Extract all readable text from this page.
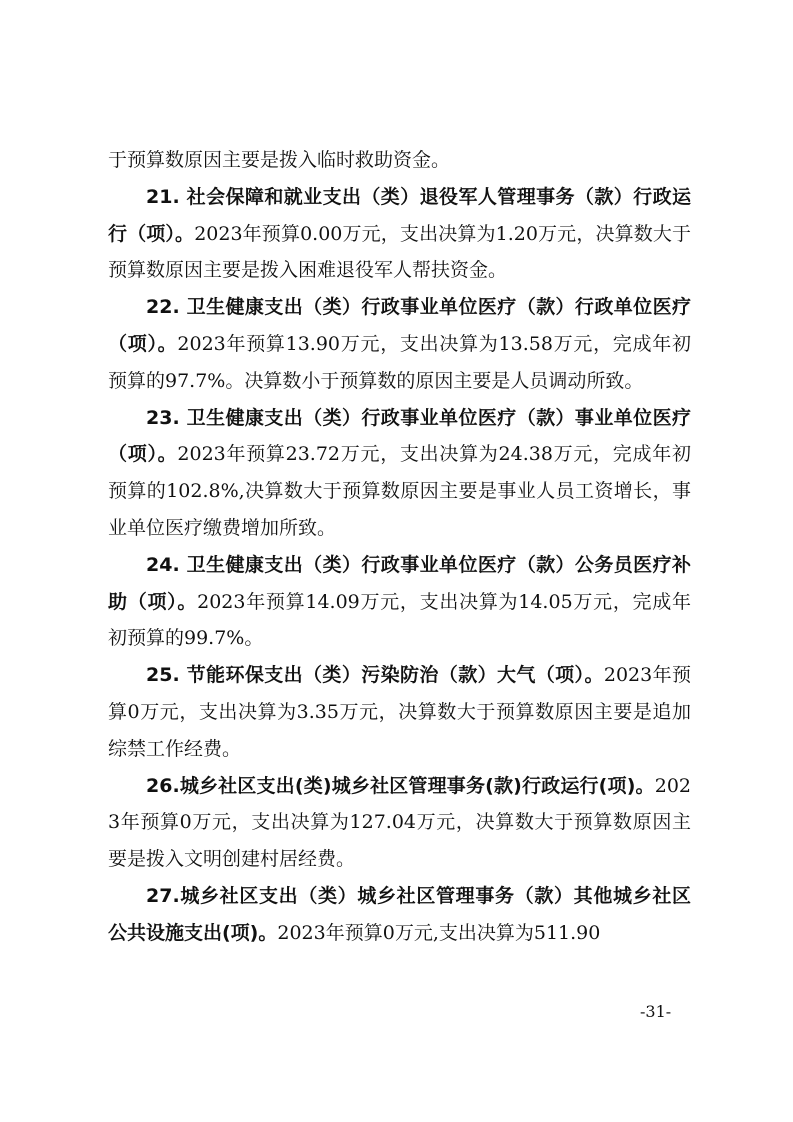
于预算数原因主要是拨入临时救助资金。

21. 社会保障和就业支出（类）退役军人管理事务（款）行政运行（项）。2023年预算0.00万元，支出决算为1.20万元，决算数大于预算数原因主要是拨入困难退役军人帮扶资金。

22. 卫生健康支出（类）行政事业单位医疗（款）行政单位医疗（项）。2023年预算13.90万元，支出决算为13.58万元，完成年初预算的97.7%。决算数小于预算数的原因主要是人员调动所致。

23. 卫生健康支出（类）行政事业单位医疗（款）事业单位医疗（项）。2023年预算23.72万元，支出决算为24.38万元，完成年初预算的102.8%,决算数大于预算数原因主要是事业人员工资增长，事业单位医疗缴费增加所致。

24. 卫生健康支出（类）行政事业单位医疗（款）公务员医疗补助（项）。2023年预算14.09万元，支出决算为14.05万元，完成年初预算的99.7%。

25. 节能环保支出（类）污染防治（款）大气（项）。2023年预算0万元，支出决算为3.35万元，决算数大于预算数原因主要是追加综禁工作经费。

26.城乡社区支出(类)城乡社区管理事务(款)行政运行(项)。2023年预算0万元，支出决算为127.04万元，决算数大于预算数原因主要是拨入文明创建村居经费。

27.城乡社区支出（类）城乡社区管理事务（款）其他城乡社区公共设施支出(项)。2023年预算0万元,支出决算为511.90

-31-
